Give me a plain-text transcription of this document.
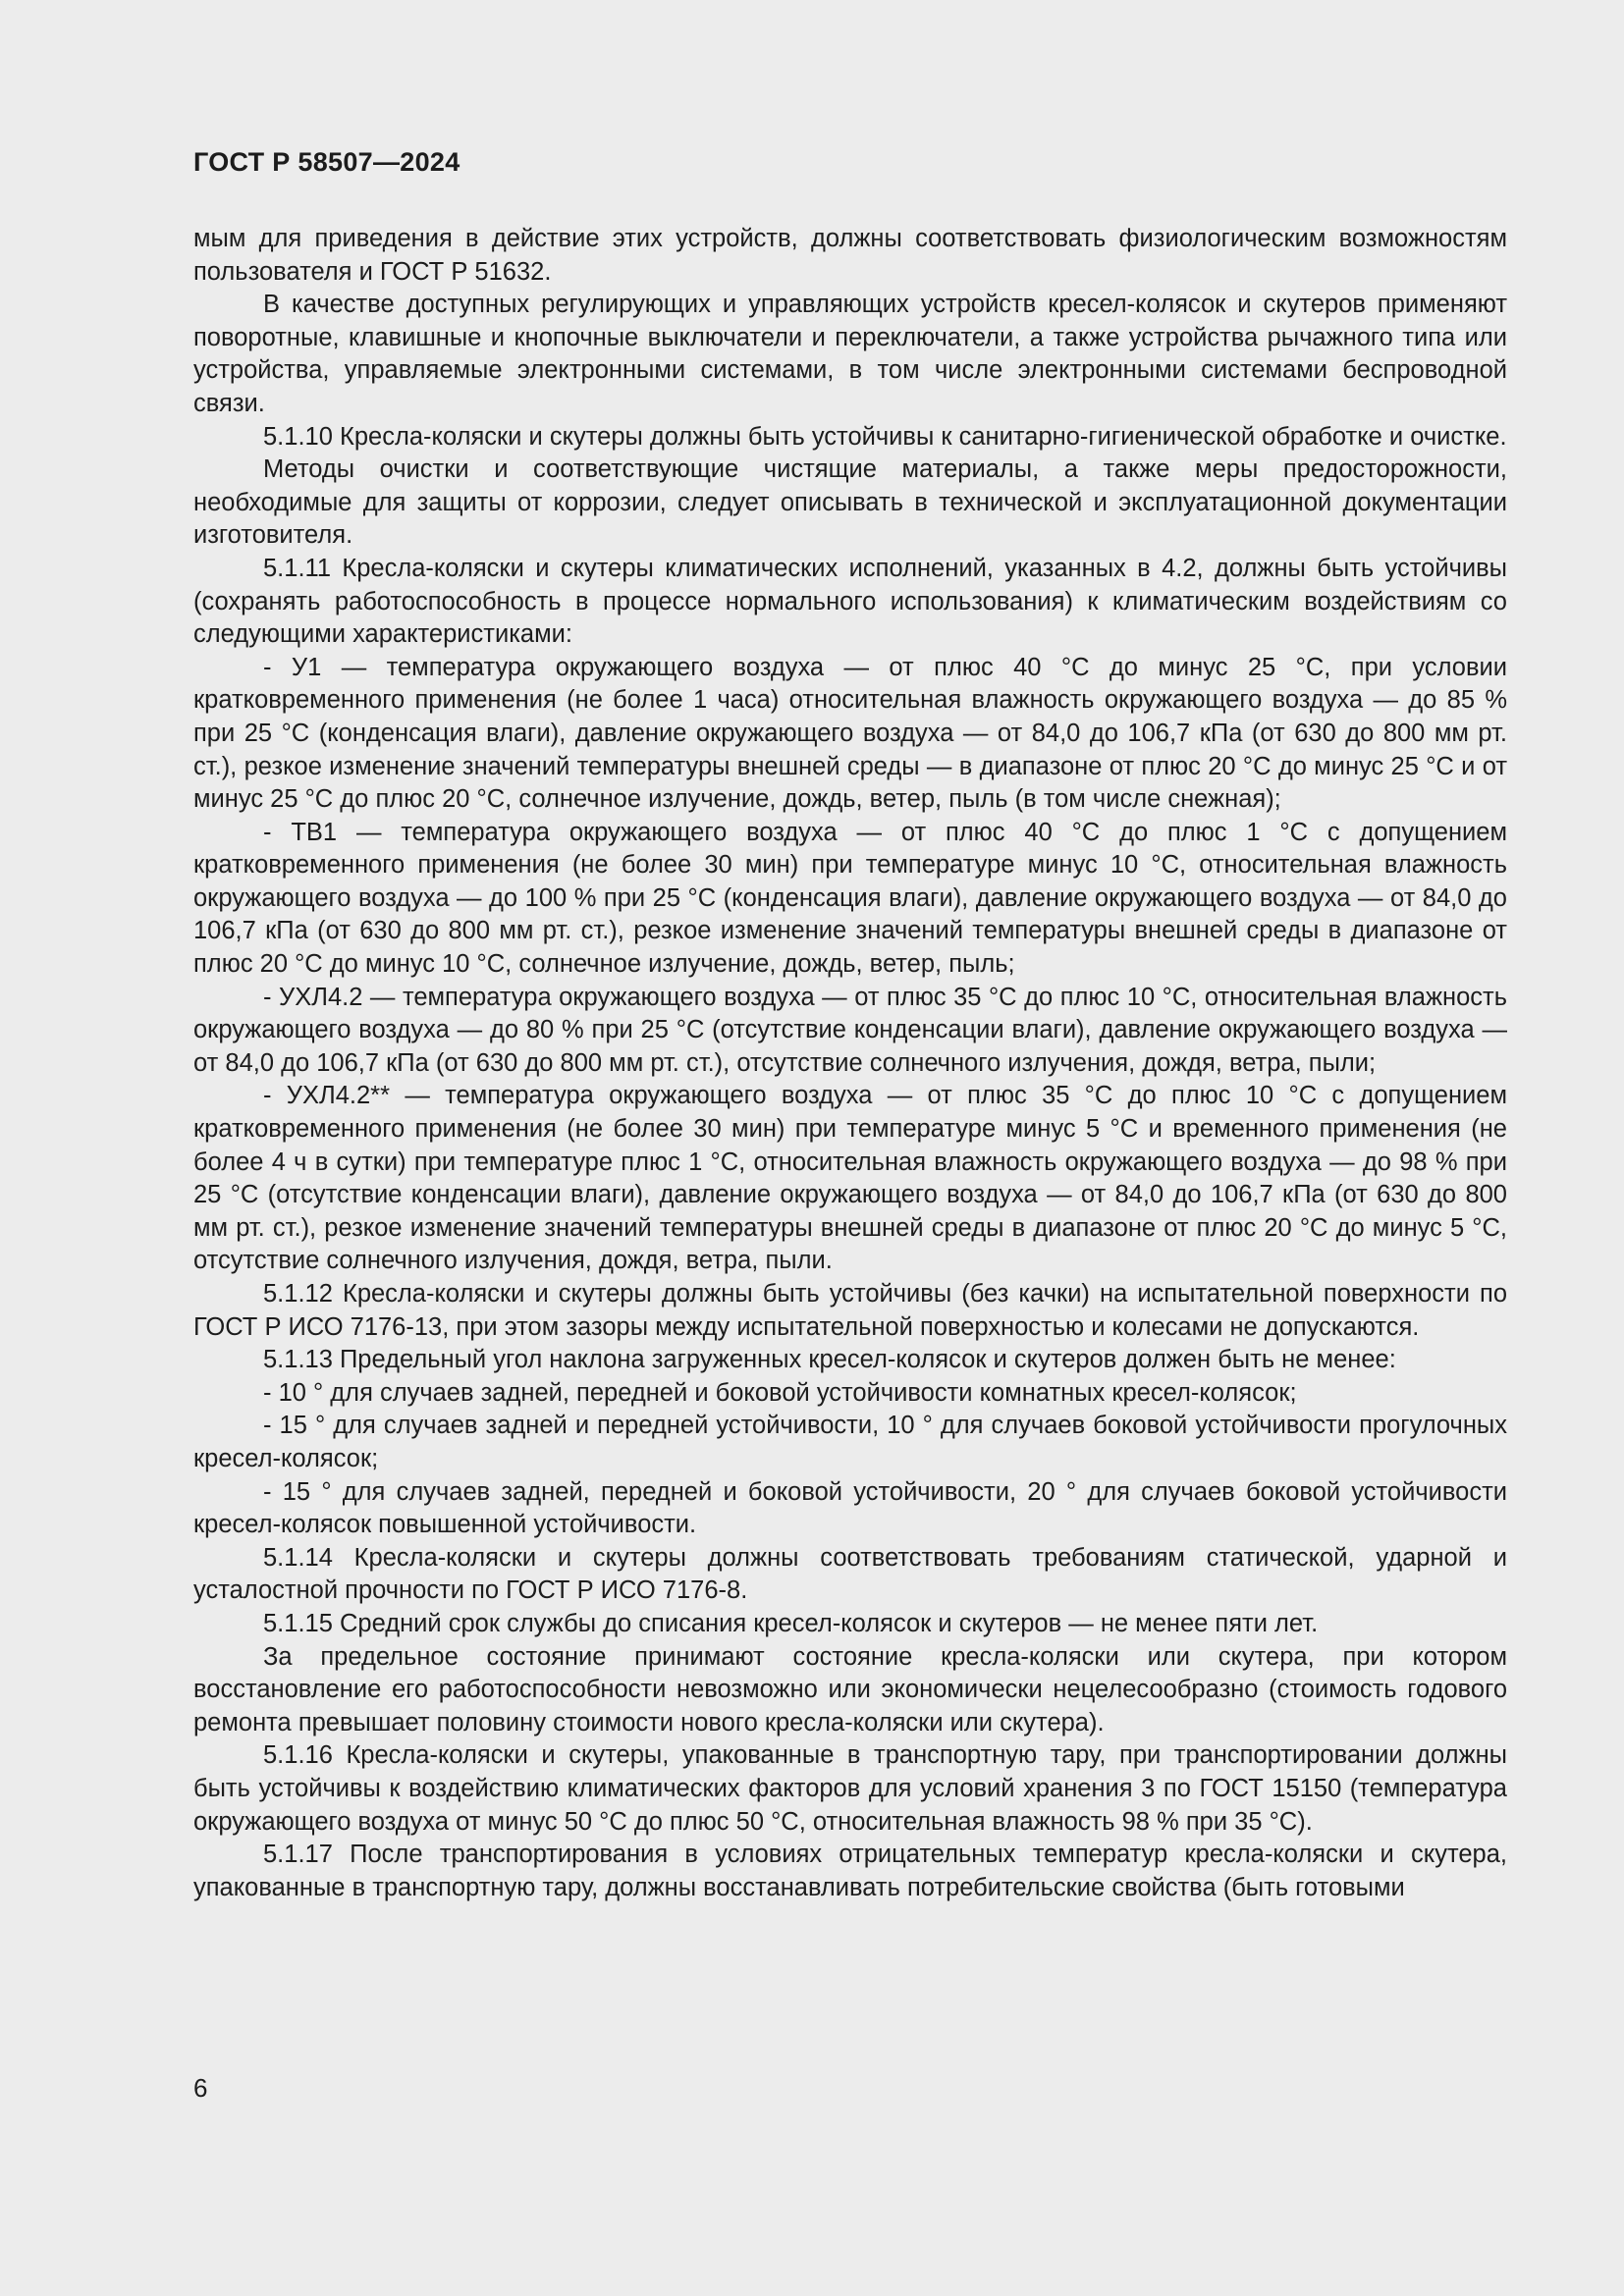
ГОСТ Р 58507—2024

мым для приведения в действие этих устройств, должны соответствовать физиологическим возможностям пользователя и ГОСТ Р 51632.

В качестве доступных регулирующих и управляющих устройств кресел-колясок и скутеров применяют поворотные, клавишные и кнопочные выключатели и переключатели, а также устройства рычажного типа или устройства, управляемые электронными системами, в том числе электронными системами беспроводной связи.

5.1.10 Кресла-коляски и скутеры должны быть устойчивы к санитарно-гигиенической обработке и очистке.

Методы очистки и соответствующие чистящие материалы, а также меры предосторожности, необходимые для защиты от коррозии, следует описывать в технической и эксплуатационной документации изготовителя.

5.1.11 Кресла-коляски и скутеры климатических исполнений, указанных в 4.2, должны быть устойчивы (сохранять работоспособность в процессе нормального использования) к климатическим воздействиям со следующими характеристиками:

- У1 — температура окружающего воздуха — от плюс 40 °С до минус 25 °С, при условии кратковременного применения (не более 1 часа) относительная влажность окружающего воздуха — до 85 % при 25 °С (конденсация влаги), давление окружающего воздуха — от 84,0 до 106,7 кПа (от 630 до 800 мм рт. ст.), резкое изменение значений температуры внешней среды — в диапазоне от плюс 20 °С до минус 25 °С и от минус 25 °С до плюс 20 °С, солнечное излучение, дождь, ветер, пыль (в том числе снежная);

- ТВ1 — температура окружающего воздуха — от плюс 40 °С до плюс 1 °С с допущением кратковременного применения (не более 30 мин) при температуре минус 10 °С, относительная влажность окружающего воздуха — до 100 % при 25 °С (конденсация влаги), давление окружающего воздуха — от 84,0 до 106,7 кПа (от 630 до 800 мм рт. ст.), резкое изменение значений температуры внешней среды в диапазоне от плюс 20 °С до минус 10 °С, солнечное излучение, дождь, ветер, пыль;

- УХЛ4.2 — температура окружающего воздуха — от плюс 35 °С до плюс 10 °С, относительная влажность окружающего воздуха — до 80 % при 25 °С (отсутствие конденсации влаги), давление окружающего воздуха — от 84,0 до 106,7 кПа (от 630 до 800 мм рт. ст.), отсутствие солнечного излучения, дождя, ветра, пыли;

- УХЛ4.2** — температура окружающего воздуха — от плюс 35 °С до плюс 10 °С с допущением кратковременного применения (не более 30 мин) при температуре минус 5 °С и временного применения (не более 4 ч в сутки) при температуре плюс 1 °С, относительная влажность окружающего воздуха — до 98 % при 25 °С (отсутствие конденсации влаги), давление окружающего воздуха — от 84,0 до 106,7 кПа (от 630 до 800 мм рт. ст.), резкое изменение значений температуры внешней среды в диапазоне от плюс 20 °С до минус 5 °С, отсутствие солнечного излучения, дождя, ветра, пыли.

5.1.12 Кресла-коляски и скутеры должны быть устойчивы (без качки) на испытательной поверхности по ГОСТ Р ИСО 7176-13, при этом зазоры между испытательной поверхностью и колесами не допускаются.

5.1.13 Предельный угол наклона загруженных кресел-колясок и скутеров должен быть не менее:

- 10 ° для случаев задней, передней и боковой устойчивости комнатных кресел-колясок;

- 15 ° для случаев задней и передней устойчивости, 10 ° для случаев боковой устойчивости прогулочных кресел-колясок;

- 15 ° для случаев задней, передней и боковой устойчивости, 20 ° для случаев боковой устойчивости кресел-колясок повышенной устойчивости.

5.1.14 Кресла-коляски и скутеры должны соответствовать требованиям статической, ударной и усталостной прочности по ГОСТ Р ИСО 7176-8.

5.1.15 Средний срок службы до списания кресел-колясок и скутеров — не менее пяти лет.

За предельное состояние принимают состояние кресла-коляски или скутера, при котором восстановление его работоспособности невозможно или экономически нецелесообразно (стоимость годового ремонта превышает половину стоимости нового кресла-коляски или скутера).

5.1.16 Кресла-коляски и скутеры, упакованные в транспортную тару, при транспортировании должны быть устойчивы к воздействию климатических факторов для условий хранения 3 по ГОСТ 15150 (температура окружающего воздуха от минус 50 °С до плюс 50 °С, относительная влажность 98 % при 35 °С).

5.1.17 После транспортирования в условиях отрицательных температур кресла-коляски и скутера, упакованные в транспортную тару, должны восстанавливать потребительские свойства (быть готовыми

6
